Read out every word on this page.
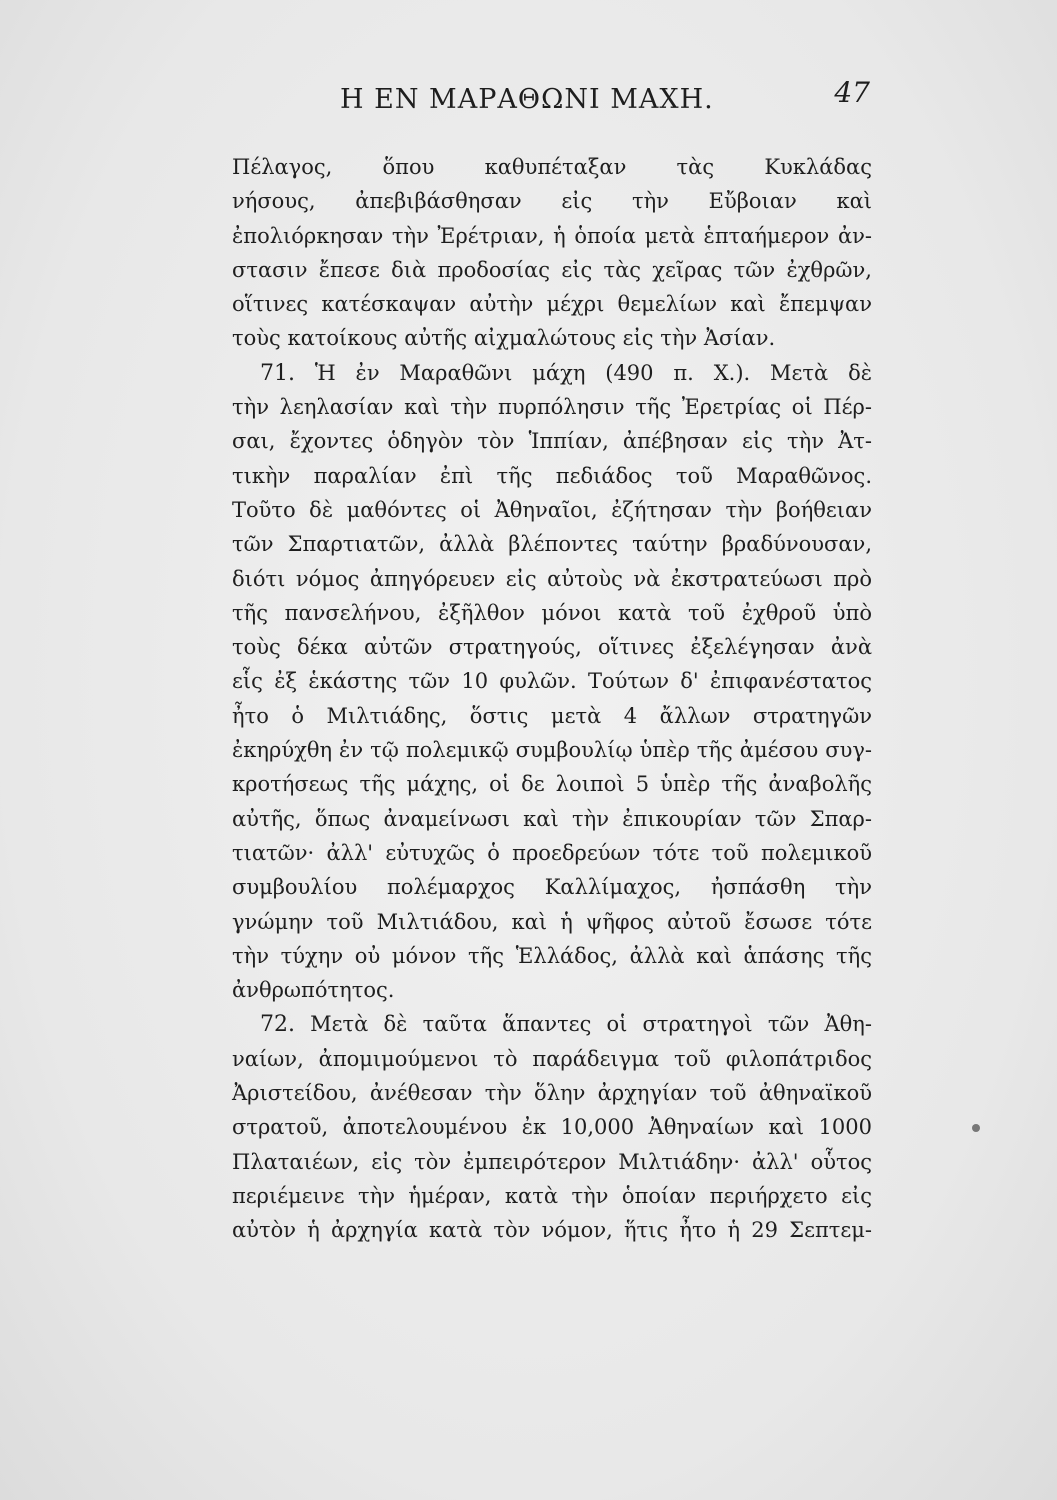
Η ΕΝ ΜΑΡΑΘΩΝΙ ΜΑΧΗ.	47
Πέλαγος, ὅπου καθυπέταξαν τὰς Κυκλάδας
νήσους, ἀπεβιβάσθησαν εἰς τὴν Εὔβοιαν καὶ
ἐπολιόρκησαν τὴν Ἐρέτριαν, ἡ ὁποία μετὰ ἑπταήμερον ἀν-
στασιν ἔπεσε διὰ προδοσίας εἰς τὰς χεῖρας τῶν ἐχθρῶν,
οἵτινες κατέσκαψαν αὐτὴν μέχρι θεμελίων καὶ ἔπεμψαν
τοὺς κατοίκους αὐτῆς αἰχμαλώτους εἰς τὴν Ἀσίαν.
71. Ἡ ἐν Μαραθῶνι μάχη (490 π. Χ.). Μετὰ δὲ
τὴν λεηλασίαν καὶ τὴν πυρπόλησιν τῆς Ἐρετρίας οἱ Πέρ-
σαι, ἔχοντες ὁδηγὸν τὸν Ἱππίαν, ἀπέβησαν εἰς τὴν Ἀτ-
τικὴν παραλίαν ἐπὶ τῆς πεδιάδος τοῦ Μαραθῶνος.
Τοῦτο δὲ μαθόντες οἱ Ἀθηναῖοι, ἐζήτησαν τὴν βοήθειαν
τῶν Σπαρτιατῶν, ἀλλὰ βλέποντες ταύτην βραδύνουσαν,
διότι νόμος ἀπηγόρευεν εἰς αὐτοὺς νὰ ἐκστρατεύωσι πρὸ
τῆς πανσελήνου, ἐξῆλθον μόνοι κατὰ τοῦ ἐχθροῦ ὑπὸ
τοὺς δέκα αὐτῶν στρατηγούς, οἵτινες ἐξελέγησαν ἀνὰ
εἷς ἐξ ἑκάστης τῶν 10 φυλῶν. Τούτων δ' ἐπιφανέστατος
ἦτο ὁ Μιλτιάδης, ὅστις μετὰ 4 ἄλλων στρατηγῶν
ἐκηρύχθη ἐν τῷ πολεμικῷ συμβουλίῳ ὑπὲρ τῆς ἀμέσου συγ-
κροτήσεως τῆς μάχης, οἱ δε λοιποὶ 5 ὑπὲρ τῆς ἀναβολῆς
αὐτῆς, ὅπως ἀναμείνωσι καὶ τὴν ἐπικουρίαν τῶν Σπαρ-
τιατῶν· ἀλλ' εὐτυχῶς ὁ προεδρεύων τότε τοῦ πολεμικοῦ
συμβουλίου πολέμαρχος Καλλίμαχος, ἠσπάσθη τὴν
γνώμην τοῦ Μιλτιάδου, καὶ ἡ ψῆφος αὐτοῦ ἔσωσε τότε
τὴν τύχην οὐ μόνον τῆς Ἑλλάδος, ἀλλὰ καὶ ἁπάσης τῆς
ἀνθρωπότητος.
72. Μετὰ δὲ ταῦτα ἅπαντες οἱ στρατηγοὶ τῶν Ἀθη-
ναίων, ἀπομιμούμενοι τὸ παράδειγμα τοῦ φιλοπάτριδος
Ἀριστείδου, ἀνέθεσαν τὴν ὅλην ἀρχηγίαν τοῦ ἀθηναϊκοῦ
στρατοῦ, ἀποτελουμένου ἐκ 10,000 Ἀθηναίων καὶ 1000
Πλαταιέων, εἰς τὸν ἐμπειρότερον Μιλτιάδην· ἀλλ' οὗτος
περιέμεινε τὴν ἡμέραν, κατὰ τὴν ὁποίαν περιήρχετο εἰς
αὐτὸν ἡ ἀρχηγία κατὰ τὸν νόμον, ἥτις ἦτο ἡ 29 Σεπτεμ-
